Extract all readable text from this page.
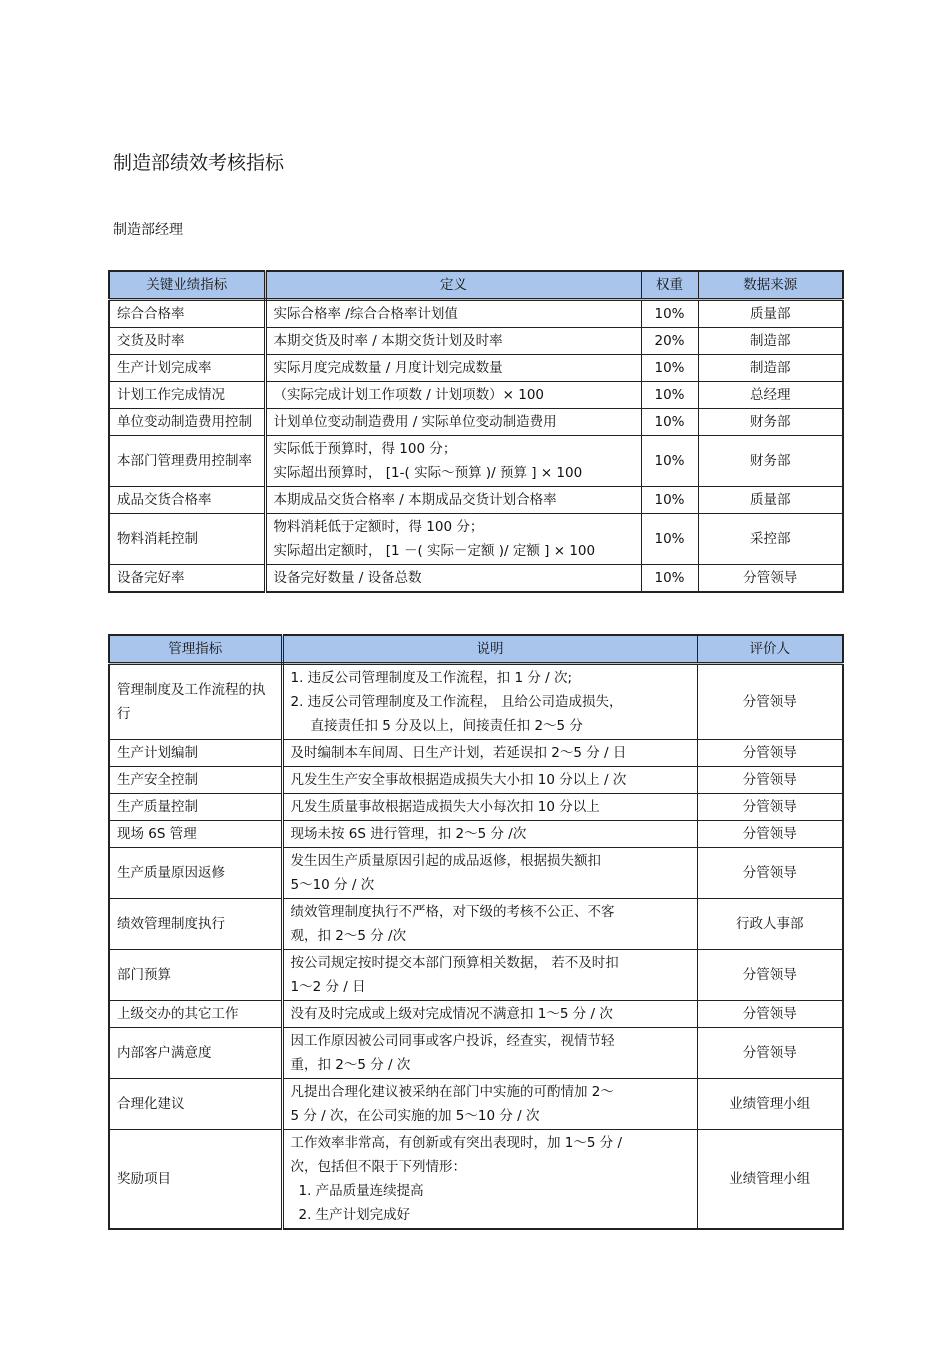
制造部绩效考核指标
制造部经理
关键业绩指标	定义	权重	数据来源
综合合格率	实际合格率 /综合合格率计划值	10%	质量部
交货及时率	本期交货及时率 / 本期交货计划及时率	20%	制造部
生产计划完成率	实际月度完成数量 / 月度计划完成数量	10%	制造部
计划工作完成情况	（实际完成计划工作项数 / 计划项数）× 100	10%	总经理
单位变动制造费用控制	计划单位变动制造费用 / 实际单位变动制造费用	10%	财务部
本部门管理费用控制率	实际低于预算时，得 100 分；
实际超出预算时， [1-( 实际～预算 )/ 预算 ] × 100	10%	财务部
成品交货合格率	本期成品交货合格率 / 本期成品交货计划合格率	10%	质量部
物料消耗控制	物料消耗低于定额时，得 100 分；
实际超出定额时， [1 －( 实际－定额 )/ 定额 ] × 100	10%	采控部
设备完好率	设备完好数量 / 设备总数	10%	分管领导
管理指标	说明	评价人
管理制度及工作流程的执行	1. 违反公司管理制度及工作流程，扣 1 分 / 次;
2. 违反公司管理制度及工作流程， 且给公司造成损失，
直接责任扣 5 分及以上，间接责任扣 2～5 分	分管领导
生产计划编制	及时编制本车间周、日生产计划，若延误扣 2～5 分 / 日	分管领导
生产安全控制	凡发生生产安全事故根据造成损失大小扣 10 分以上 / 次	分管领导
生产质量控制	凡发生质量事故根据造成损失大小每次扣 10 分以上	分管领导
现场 6S 管理	现场未按 6S 进行管理，扣 2～5 分 /次	分管领导
生产质量原因返修	发生因生产质量原因引起的成品返修，根据损失额扣
5～10 分 / 次	分管领导
绩效管理制度执行	绩效管理制度执行不严格，对下级的考核不公正、不客
观，扣 2～5 分 /次	行政人事部
部门预算	按公司规定按时提交本部门预算相关数据， 若不及时扣
1～2 分 / 日	分管领导
上级交办的其它工作	没有及时完成或上级对完成情况不满意扣 1～5 分 / 次	分管领导
内部客户满意度	因工作原因被公司同事或客户投诉，经查实，视情节轻
重，扣 2～5 分 / 次	分管领导
合理化建议	凡提出合理化建议被采纳在部门中实施的可酌情加 2～
5 分 / 次，在公司实施的加 5～10 分 / 次	业绩管理小组
奖励项目	工作效率非常高，有创新或有突出表现时，加 1～5 分 /
次，包括但不限于下列情形：
1. 产品质量连续提高
2. 生产计划完成好	业绩管理小组
